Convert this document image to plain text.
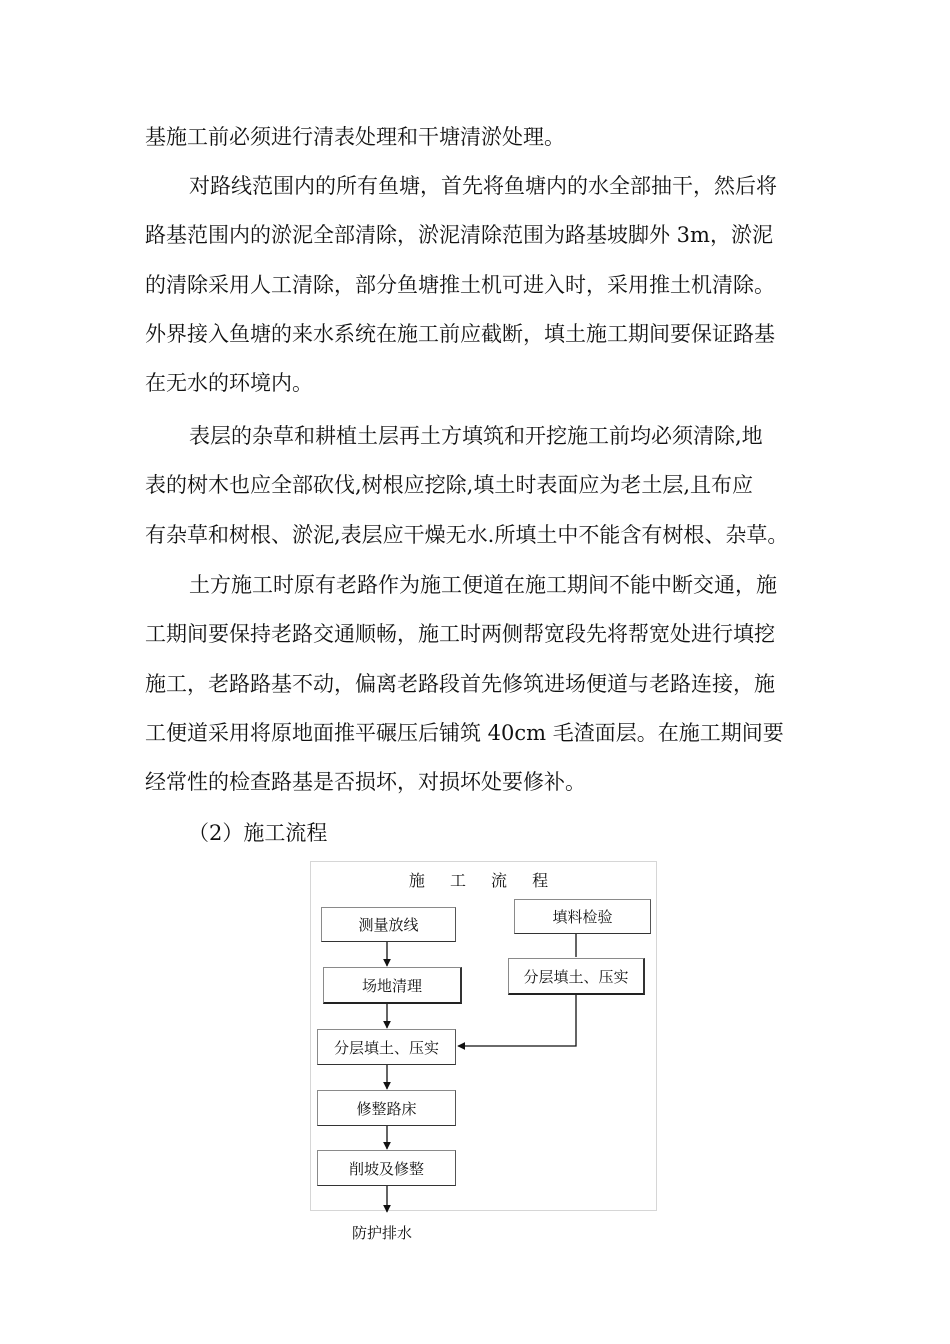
基施工前必须进行清表处理和干塘清淤处理。
对路线范围内的所有鱼塘，首先将鱼塘内的水全部抽干，然后将
路基范围内的淤泥全部清除，淤泥清除范围为路基坡脚外 3m，淤泥
的清除采用人工清除，部分鱼塘推土机可进入时，采用推土机清除。
外界接入鱼塘的来水系统在施工前应截断，填土施工期间要保证路基
在无水的环境内。
表层的杂草和耕植土层再土方填筑和开挖施工前均必须清除,地
表的树木也应全部砍伐,树根应挖除,填土时表面应为老土层,且布应
有杂草和树根、淤泥,表层应干燥无水.所填土中不能含有树根、杂草。
土方施工时原有老路作为施工便道在施工期间不能中断交通，施
工期间要保持老路交通顺畅，施工时两侧帮宽段先将帮宽处进行填挖
施工，老路路基不动，偏离老路段首先修筑进场便道与老路连接，施
工便道采用将原地面推平碾压后铺筑 40cm 毛渣面层。在施工期间要
经常性的检查路基是否损坏，对损坏处要修补。
（2）施工流程
施 工 流 程
测量放线
场地清理
分层填土、压实
修整路床
削坡及修整
填料检验
分层填土、压实
防护排水
